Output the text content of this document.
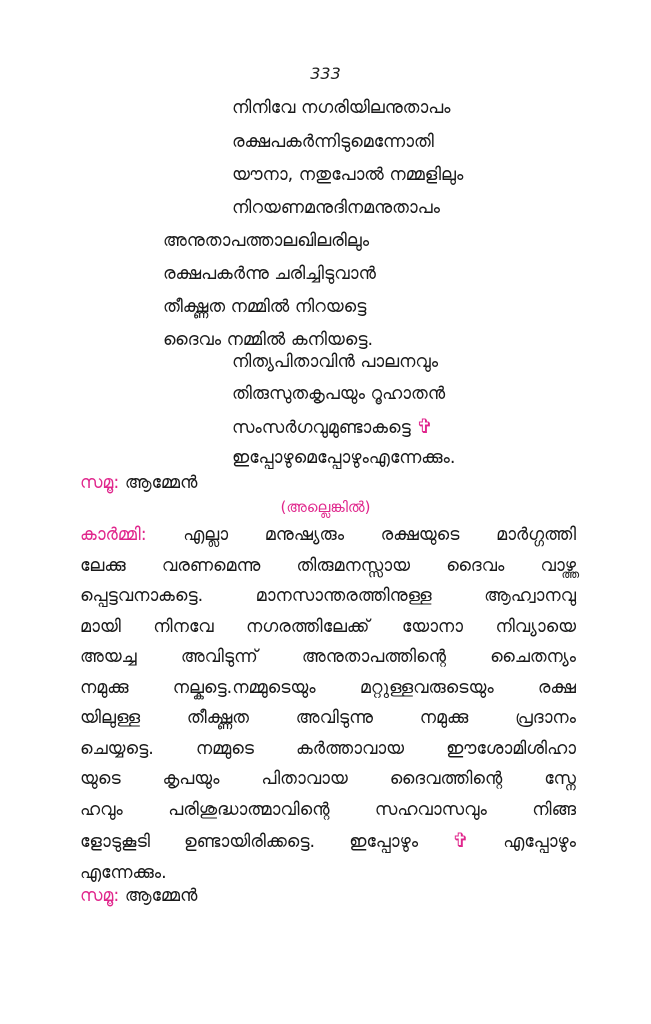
333
നിനിവേ നഗരിയിലനുതാപം
രക്ഷപകർന്നിടുമെന്നോതി
യൗനാ, നതുപോൽ നമ്മളിലും
നിറയണമനുദിനമനുതാപം
അനുതാപത്താലഖിലരിലും
രക്ഷപകർന്നു ചരിച്ചിടുവാൻ
തീക്ഷ്ണത നമ്മിൽ നിറയട്ടെ
ദൈവം നമ്മിൽ കനിയട്ടെ.
നിത്യപിതാവിൻ പാലനവും
തിരുസുതകൃപയും റൂഹാതൻ
സംസർഗവുമുണ്ടാകട്ടെ ✞
ഇപ്പോഴുമെപ്പോഴുംഎന്നേക്കും.
സമൂ: ആമ്മേൻ
(അല്ലെങ്കിൽ)
കാർമ്മി: എല്ലാ മനുഷ്യരും രക്ഷയുടെ മാർഗ്ഗത്തി
ലേക്കു വരണമെന്നു തിരുമനസ്സായ ദൈവം വാഴ്ത്ത
പ്പെട്ടവനാകട്ടെ. മാനസാന്തരത്തിനുള്ള ആഹ്വാനവു
മായി നിനവേ നഗരത്തിലേക്ക് യോനാ നിവ്യായെ
അയച്ച അവിടുന്ന് അനുതാപത്തിന്റെ ചൈതന്യം
നമുക്കു നല്കട്ടെ.നമ്മുടെയും മറ്റുള്ളവരുടെയും രക്ഷ
യിലുള്ള തീക്ഷ്ണത അവിടുന്നു നമുക്കു പ്രദാനം
ചെയ്യട്ടെ. നമ്മുടെ കർത്താവായ ഈശോമിശിഹാ
യുടെ കൃപയും പിതാവായ ദൈവത്തിന്റെ സ്നേ
ഹവും പരിശുദ്ധാത്മാവിന്റെ സഹവാസവും നിങ്ങ
ളോടുകൂടി ഉണ്ടായിരിക്കട്ടെ. ഇപ്പോഴും ✞ എപ്പോഴും
എന്നേക്കും.
സമൂ: ആമ്മേൻ
